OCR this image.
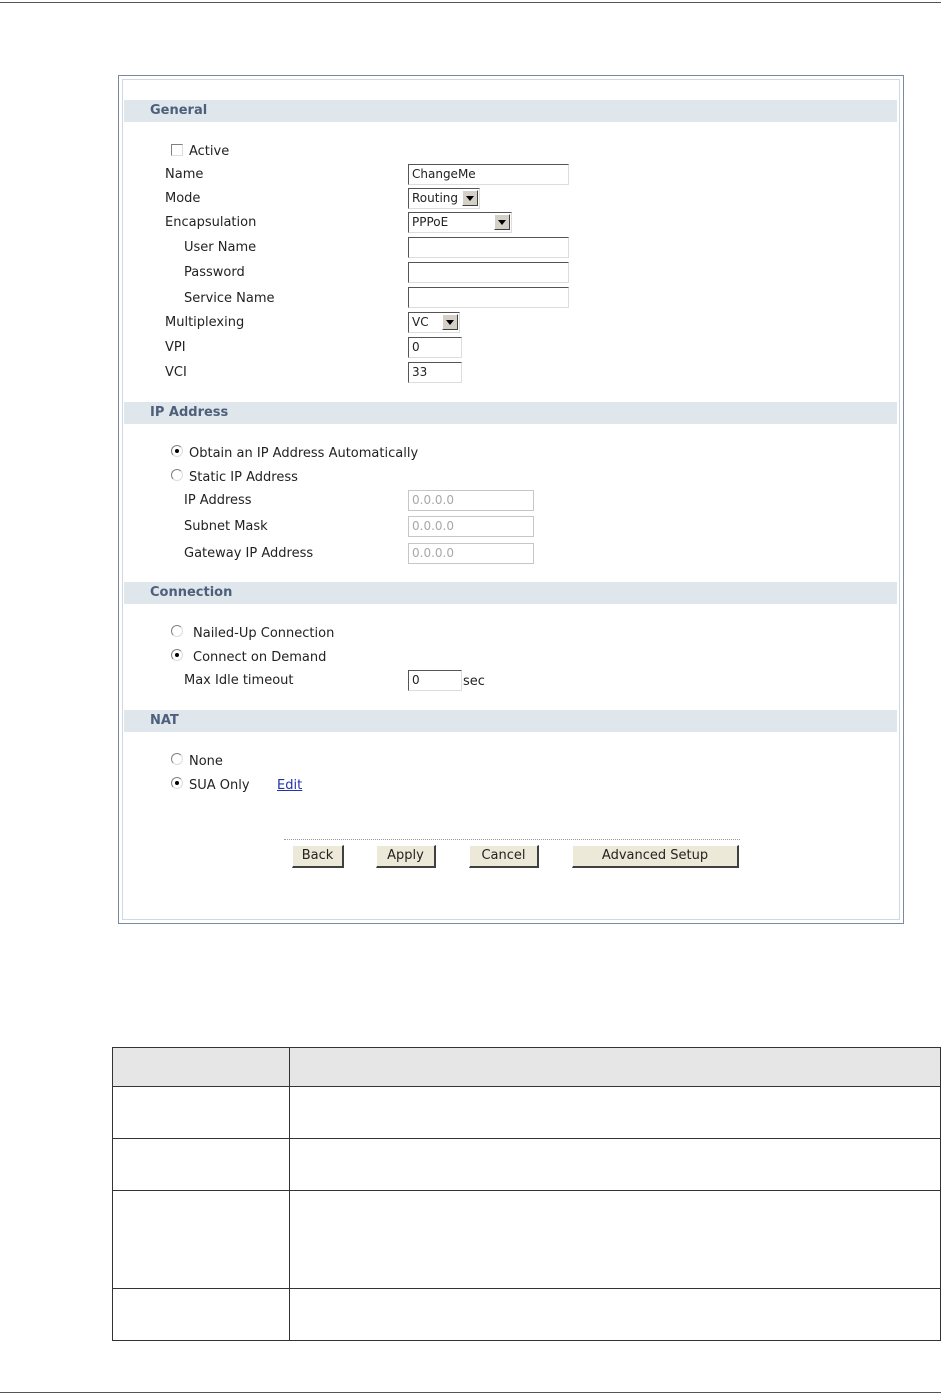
General
Active
Name	ChangeMe
Mode	Routing
Encapsulation	PPPoE
User Name
Password
Service Name
Multiplexing	VC
VPI	0
VCI	33
IP Address
Obtain an IP Address Automatically
Static IP Address
IP Address	0.0.0.0
Subnet Mask	0.0.0.0
Gateway IP Address	0.0.0.0
Connection
Nailed-Up Connection
Connect on Demand
Max Idle timeout	0	sec
NAT
None
SUA Only Edit
Back	Apply	Cancel	Advanced Setup
